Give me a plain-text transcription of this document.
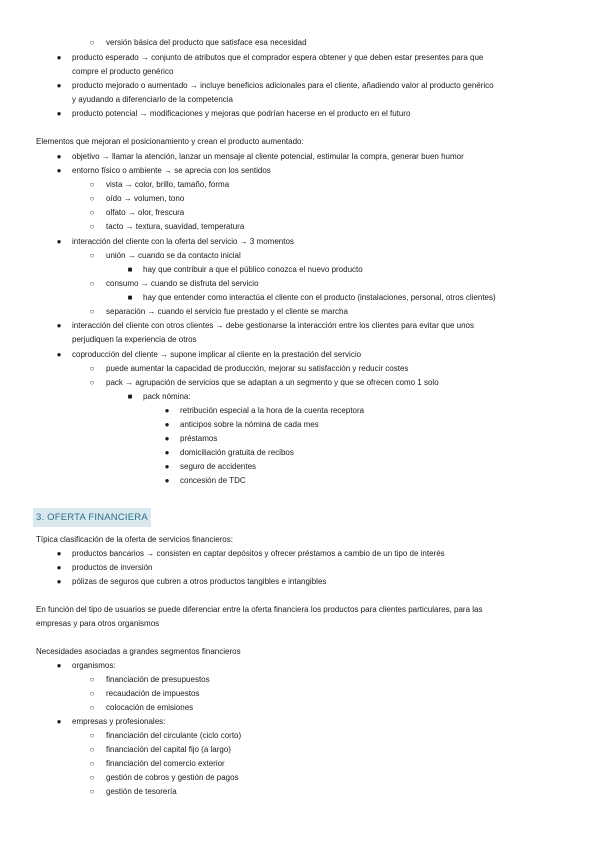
○	versión básica del producto que satisface esa necesidad
●	producto esperado → conjunto de atributos que el comprador espera obtener y que deben estar presentes para que
compre el producto genérico
●	producto mejorado o aumentado → incluye beneficios adicionales para el cliente, añadiendo valor al producto genérico
y ayudando a diferenciarlo de la competencia
●	producto potencial → modificaciones y mejoras que podrían hacerse en el producto en el futuro
Elementos que mejoran el posicionamiento y crean el producto aumentado:
●	objetivo → llamar la atención, lanzar un mensaje al cliente potencial, estimular la compra, generar buen humor
●	entorno físico o ambiente → se aprecia con los sentidos
○	vista → color, brillo, tamaño, forma
○	oído → volumen, tono
○	olfato → olor, frescura
○	tacto → textura, suavidad, temperatura
●	interacción del cliente con la oferta del servicio → 3 momentos
○	unión → cuando se da contacto inicial
■	hay que contribuir a que el público conozca el nuevo producto
○	consumo → cuando se disfruta del servicio
■	hay que entender como interactúa el cliente con el producto (instalaciones, personal, otros clientes)
○	separación → cuando el servicio fue prestado y el cliente se marcha
●	interacción del cliente con otros clientes → debe gestionarse la interacción entre los clientes para evitar que unos
perjudiquen la experiencia de otros
●	coproducción del cliente → supone implicar al cliente en la prestación del servicio
○	puede aumentar la capacidad de producción, mejorar su satisfacción y reducir costes
○	pack → agrupación de servicios que se adaptan a un segmento y que se ofrecen como 1 solo
■	pack nómina:
●	retribución especial a la hora de la cuenta receptora
●	anticipos sobre la nómina de cada mes
●	préstamos
●	domiciliación gratuita de recibos
●	seguro de accidentes
●	concesión de TDC
3. OFERTA FINANCIERA
Típica clasificación de la oferta de servicios financieros:
●	productos bancarios → consisten en captar depósitos y ofrecer préstamos a cambio de un tipo de interés
●	productos de inversión
●	pólizas de seguros que cubren a otros productos tangibles e intangibles
En función del tipo de usuarios se puede diferenciar entre la oferta financiera los productos para clientes particulares, para las
empresas y para otros organismos
Necesidades asociadas a grandes segmentos financieros
●	organismos:
○	financiación de presupuestos
○	recaudación de impuestos
○	colocación de emisiones
●	empresas y profesionales:
○	financiación del circulante (ciclo corto)
○	financiación del capital fijo (a largo)
○	financiación del comercio exterior
○	gestión de cobros y gestión de pagos
○	gestión de tesorería
